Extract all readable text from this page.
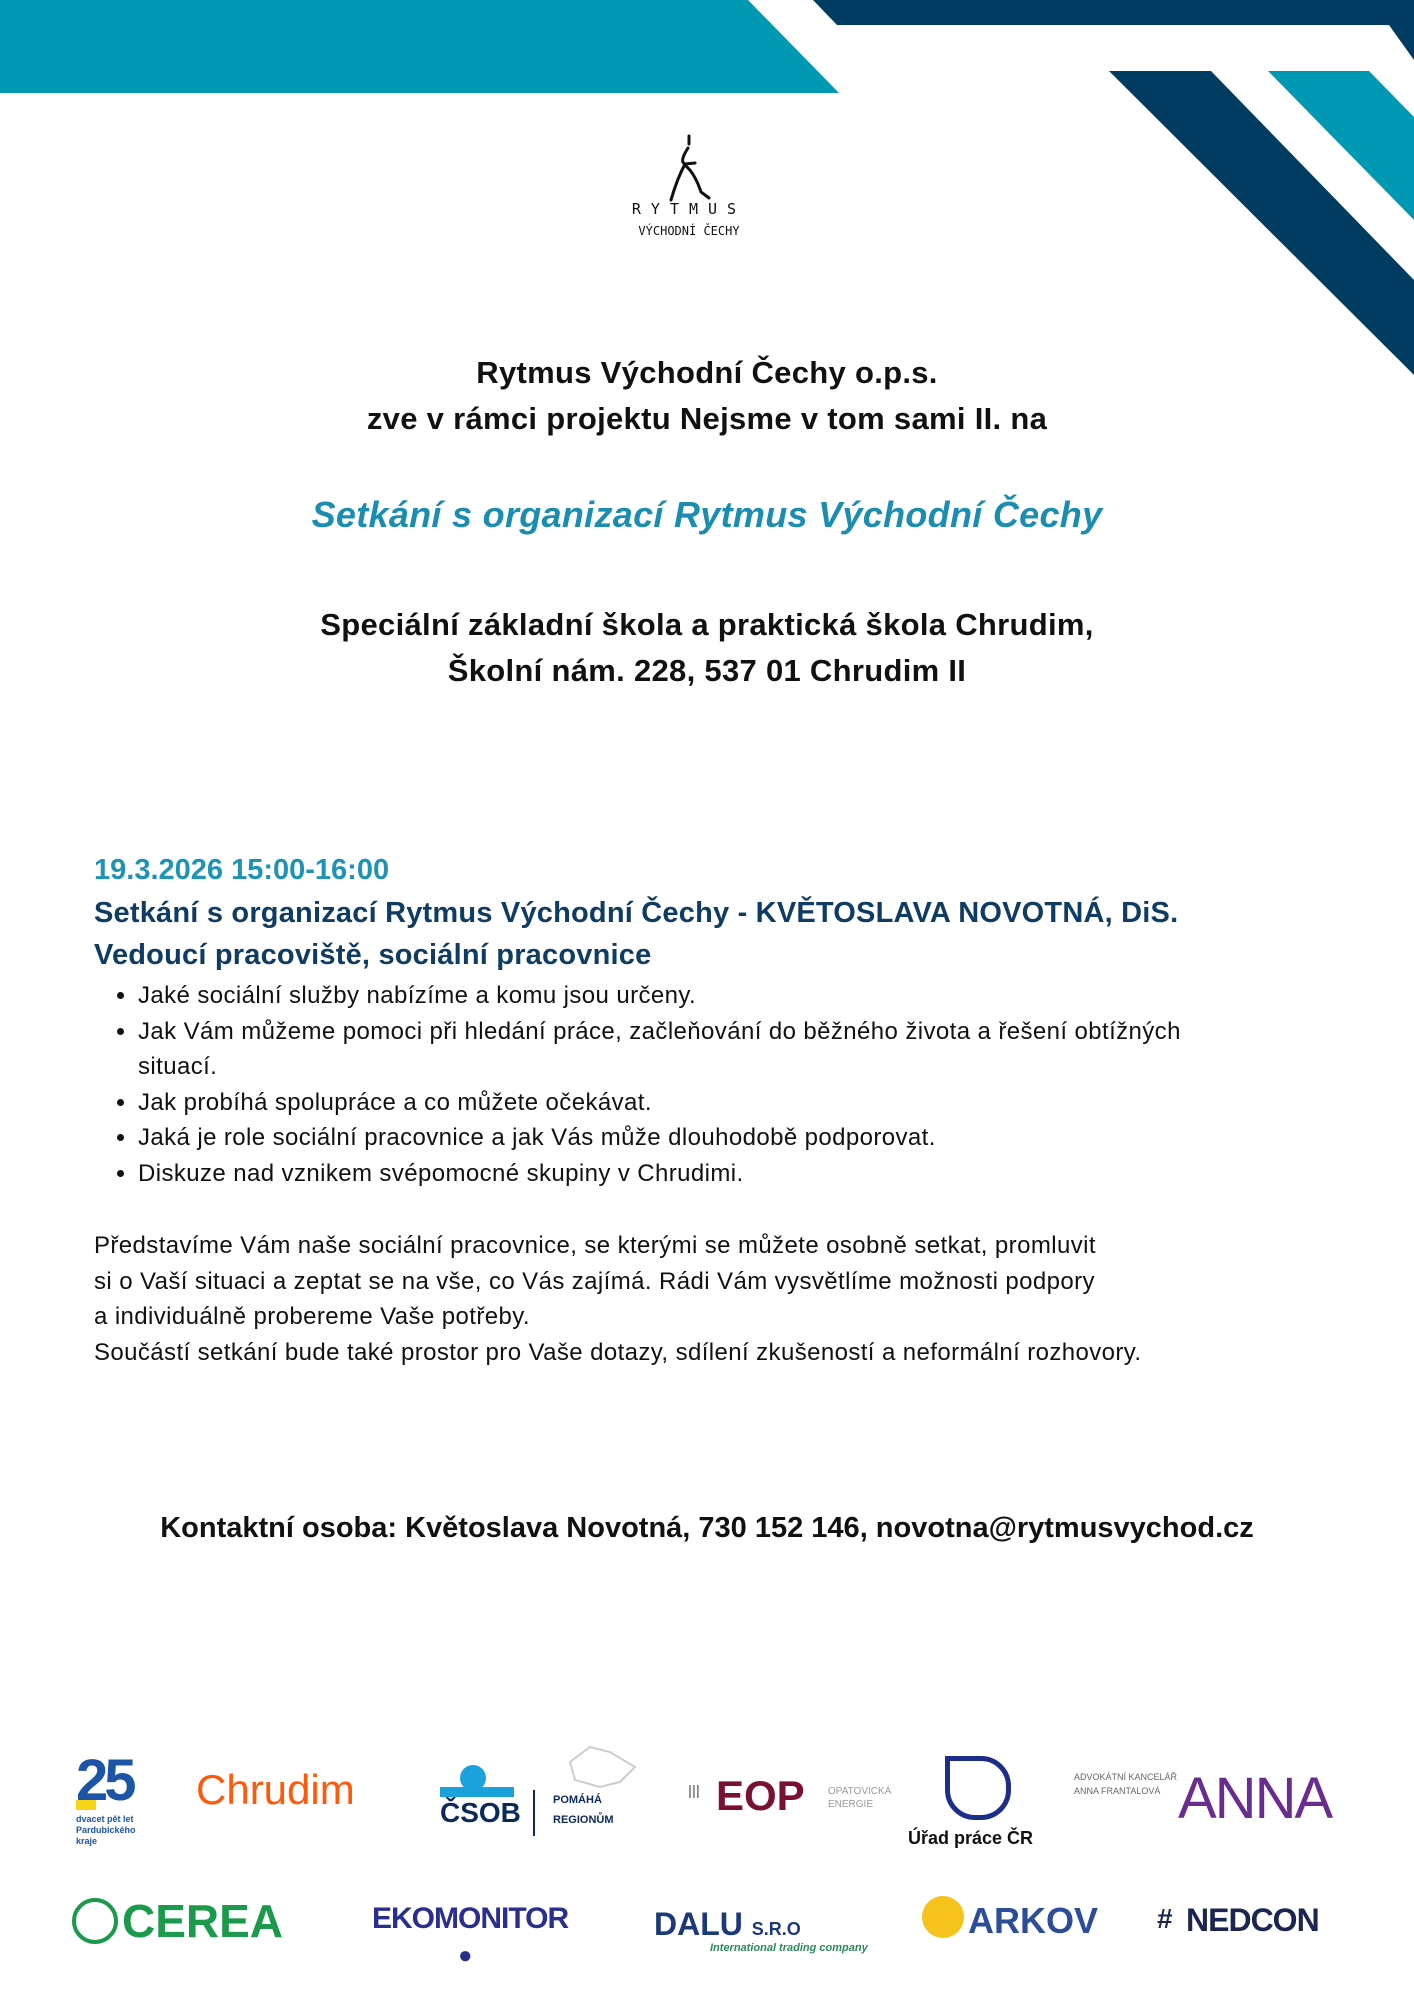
RYTMUS
VÝCHODNÍ ČECHY
Rytmus Východní Čechy o.p.s.
zve v rámci projektu Nejsme v tom sami II. na
Setkání s organizací Rytmus Východní Čechy
Speciální základní škola a praktická škola Chrudim,
Školní nám. 228, 537 01 Chrudim II
19.3.2026 15:00-16:00
Setkání s organizací Rytmus Východní Čechy - KVĚTOSLAVA NOVOTNÁ, DiS.
Vedoucí pracoviště, sociální pracovnice
• Jaké sociální služby nabízíme a komu jsou určeny.
• Jak Vám můžeme pomoci při hledání práce, začleňování do běžného života a řešení obtížných situací.
• Jak probíhá spolupráce a co můžete očekávat.
• Jaká je role sociální pracovnice a jak Vás může dlouhodobě podporovat.
• Diskuze nad vznikem svépomocné skupiny v Chrudimi.
Představíme Vám naše sociální pracovnice, se kterými se můžete osobně setkat, promluvit
si o Vaší situaci a zeptat se na vše, co Vás zajímá. Rádi Vám vysvětlíme možnosti podpory
a individuálně probereme Vaše potřeby.
Součástí setkání bude také prostor pro Vaše dotazy, sdílení zkušeností a neformální rozhovory.
Kontaktní osoba: Květoslava Novotná, 730 152 146, novotna@rytmusvychod.cz
25
dvacet pět let
Pardubického
kraje
Chrudim	ČSOB	POMÁHÁ
REGIONŮM
||| EOP OPATOVICKÁ
ENERGIE
Úřad práce ČR
ADVOKÁTNÍ KANCELÁŘ
ANNA FRANTALOVÁ ANNA
CEREA	EKOMONITOR
●
DALU S.R.O
International trading company
ARKOV # NEDCON
